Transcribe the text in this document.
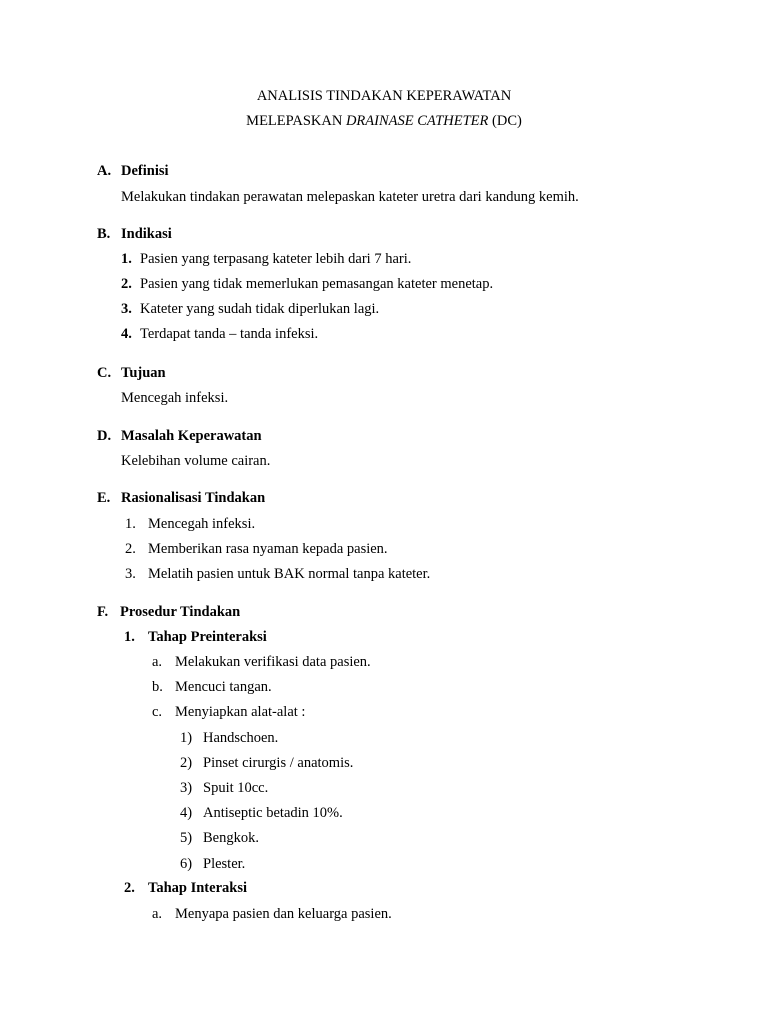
ANALISIS TINDAKAN KEPERAWATAN
MELEPASKAN DRAINASE CATHETER (DC)
A. Definisi
Melakukan tindakan perawatan melepaskan kateter uretra dari kandung kemih.
B. Indikasi
1. Pasien yang terpasang kateter lebih dari 7 hari.
2. Pasien yang tidak memerlukan pemasangan kateter menetap.
3. Kateter yang sudah tidak diperlukan lagi.
4. Terdapat tanda – tanda infeksi.
C. Tujuan
Mencegah infeksi.
D. Masalah Keperawatan
Kelebihan volume cairan.
E. Rasionalisasi Tindakan
1. Mencegah infeksi.
2. Memberikan rasa nyaman kepada pasien.
3. Melatih pasien untuk BAK normal tanpa kateter.
F. Prosedur Tindakan
1. Tahap Preinteraksi
a. Melakukan verifikasi data pasien.
b. Mencuci tangan.
c. Menyiapkan alat-alat :
1) Handschoen.
2) Pinset cirurgis / anatomis.
3) Spuit 10cc.
4) Antiseptic betadin 10%.
5) Bengkok.
6) Plester.
2. Tahap Interaksi
a. Menyapa pasien dan keluarga pasien.
